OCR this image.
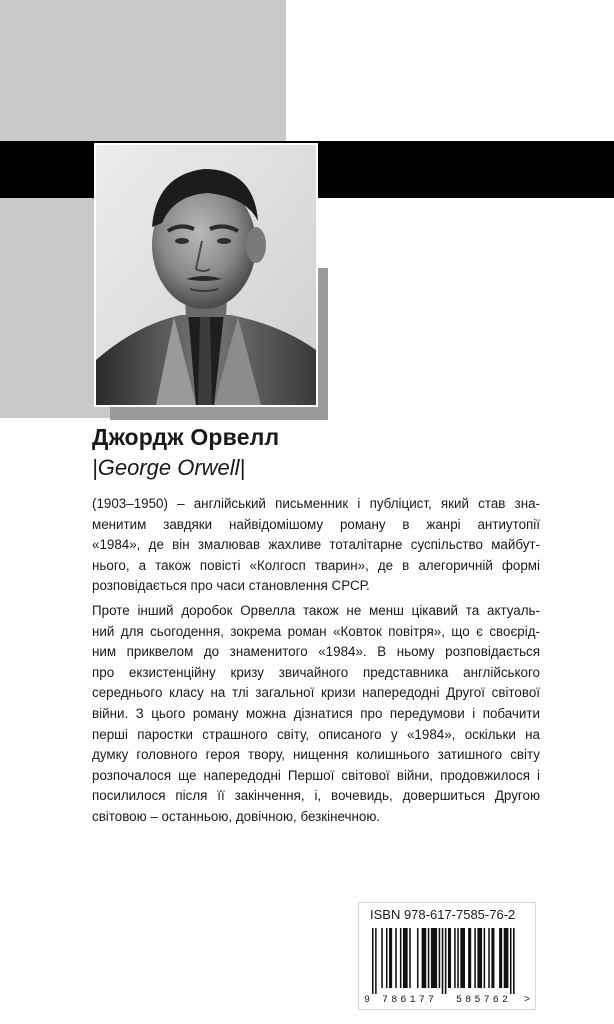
Джордж Орвелл
|George Orwell|

(1903–1950) – англійський письменник і публіцист, який став зна-
менитим завдяки найвідомішому роману в жанрі антиутопії
«1984», де він змалював жахливе тоталітарне суспільство майбут-
нього, а також повісті «Колгосп тварин», де в алегоричній формі
розповідається про часи становлення СРСР.

Проте інший доробок Орвелла також не менш цікавий та актуаль-
ний для сьогодення, зокрема роман «Ковток повітря», що є своєрід-
ним приквелом до знаменитого «1984». В ньому розповідається
про екзистенційну кризу звичайного представника англійського
середнього класу на тлі загальної кризи напередодні Другої світової
війни. З цього роману можна дізнатися про передумови і побачити
перші паростки страшного світу, описаного у «1984», оскільки на
думку головного героя твору, нищення колишнього затишного світу
розпочалося ще напередодні Першої світової війни, продовжилося і
посилилося після її закінчення, і, вочевидь, довершиться Другою
світовою – останньою, довічною, безкінечною.

ISBN 978-617-7585-76-2
9 786177 585762 >
